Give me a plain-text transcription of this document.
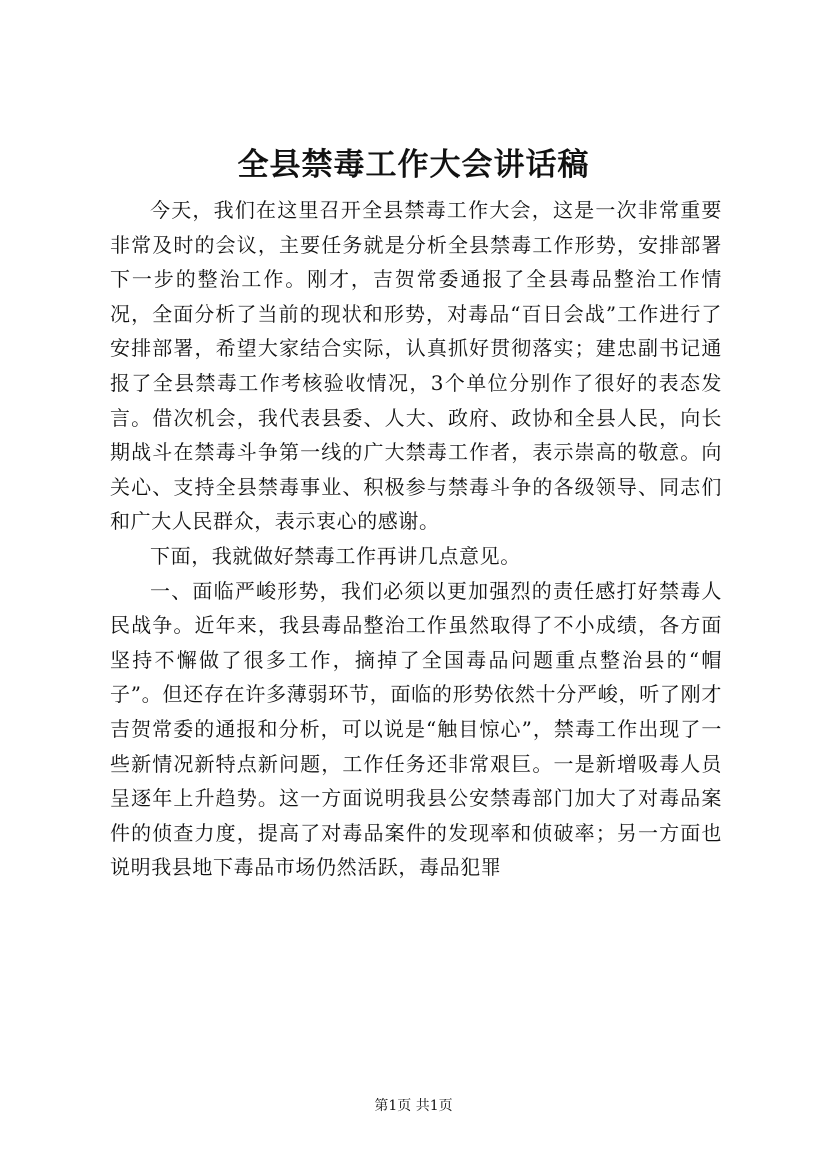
全县禁毒工作大会讲话稿

今天，我们在这里召开全县禁毒工作大会，这是一次非常重要非常及时的会议，主要任务就是分析全县禁毒工作形势，安排部署下一步的整治工作。刚才，吉贺常委通报了全县毒品整治工作情况，全面分析了当前的现状和形势，对毒品“百日会战”工作进行了安排部署，希望大家结合实际，认真抓好贯彻落实；建忠副书记通报了全县禁毒工作考核验收情况，3个单位分别作了很好的表态发言。借次机会，我代表县委、人大、政府、政协和全县人民，向长期战斗在禁毒斗争第一线的广大禁毒工作者，表示崇高的敬意。向关心、支持全县禁毒事业、积极参与禁毒斗争的各级领导、同志们和广大人民群众，表示衷心的感谢。

下面，我就做好禁毒工作再讲几点意见。

一、面临严峻形势，我们必须以更加强烈的责任感打好禁毒人民战争。近年来，我县毒品整治工作虽然取得了不小成绩，各方面坚持不懈做了很多工作，摘掉了全国毒品问题重点整治县的“帽子”。但还存在许多薄弱环节，面临的形势依然十分严峻，听了刚才吉贺常委的通报和分析，可以说是“触目惊心”，禁毒工作出现了一些新情况新特点新问题，工作任务还非常艰巨。一是新增吸毒人员呈逐年上升趋势。这一方面说明我县公安禁毒部门加大了对毒品案件的侦查力度，提高了对毒品案件的发现率和侦破率；另一方面也说明我县地下毒品市场仍然活跃，毒品犯罪

第1页 共1页
